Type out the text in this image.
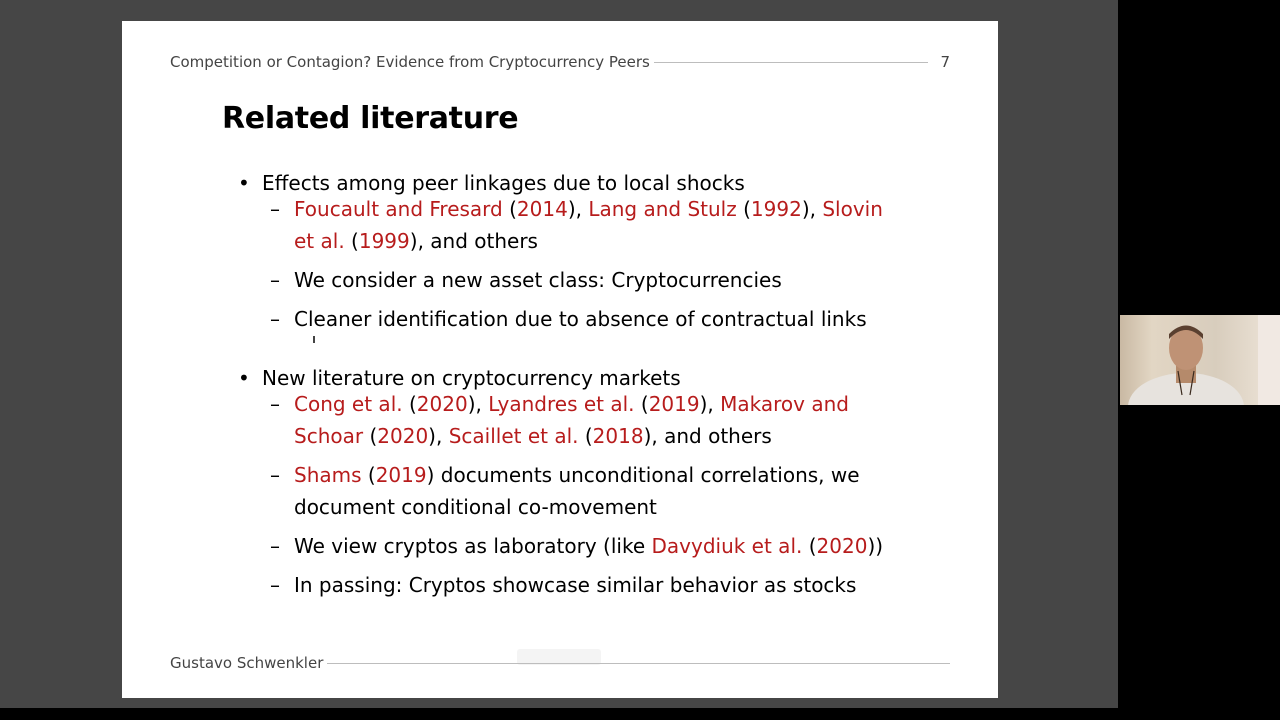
Competition or Contagion? Evidence from Cryptocurrency Peers	7
Related literature
• Effects among peer linkages due to local shocks
– Foucault and Fresard (2014), Lang and Stulz (1992), Slovin
et al. (1999), and others
– We consider a new asset class: Cryptocurrencies
– Cleaner identification due to absence of contractual links
• New literature on cryptocurrency markets
– Cong et al. (2020), Lyandres et al. (2019), Makarov and
Schoar (2020), Scaillet et al. (2018), and others
– Shams (2019) documents unconditional correlations, we
document conditional co-movement
– We view cryptos as laboratory (like Davydiuk et al. (2020))
– In passing: Cryptos showcase similar behavior as stocks
Gustavo Schwenkler
